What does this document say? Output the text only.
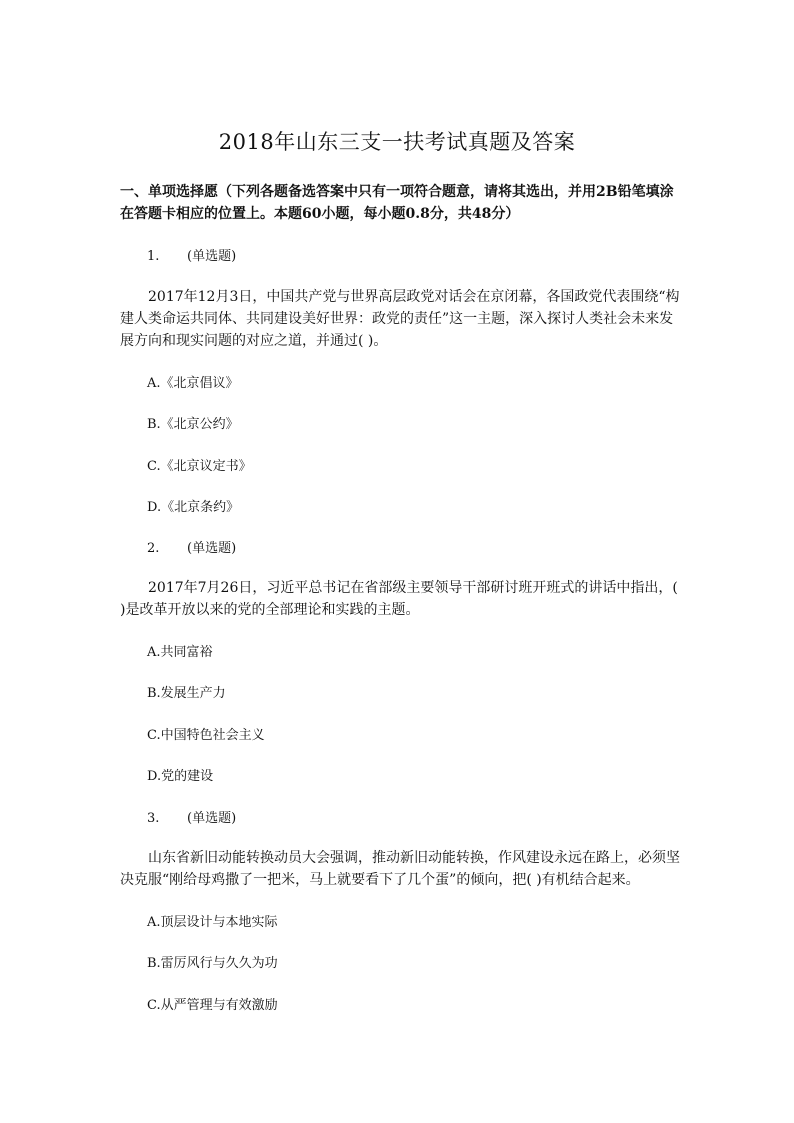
2018年山东三支一扶考试真题及答案
一、单项选择愿（下列各题备选答案中只有一项符合题意，请将其选出，并用2B铅笔填涂
在答题卡相应的位置上。本题60小题，每小题0.8分，共48分）
1. (单选题)
2017年12月3日，中国共产党与世界高层政党对话会在京闭幕，各国政党代表围绕“构建人类命运共同体、共同建设美好世界：政党的责任”这一主题，深入探讨人类社会未来发展方向和现实问题的对应之道，并通过( )。
A.《北京倡议》
B.《北京公约》
C.《北京议定书》
D.《北京条约》
2. (单选题)
2017年7月26日，习近平总书记在省部级主要领导干部研讨班开班式的讲话中指出，( )是改革开放以来的党的全部理论和实践的主题。
A.共同富裕
B.发展生产力
C.中国特色社会主义
D.党的建设
3. (单选题)
山东省新旧动能转换动员大会强调，推动新旧动能转换，作风建设永远在路上，必须坚决克服“刚给母鸡撒了一把米，马上就要看下了几个蛋”的倾向，把( )有机结合起来。
A.顶层设计与本地实际
B.雷厉风行与久久为功
C.从严管理与有效激励
